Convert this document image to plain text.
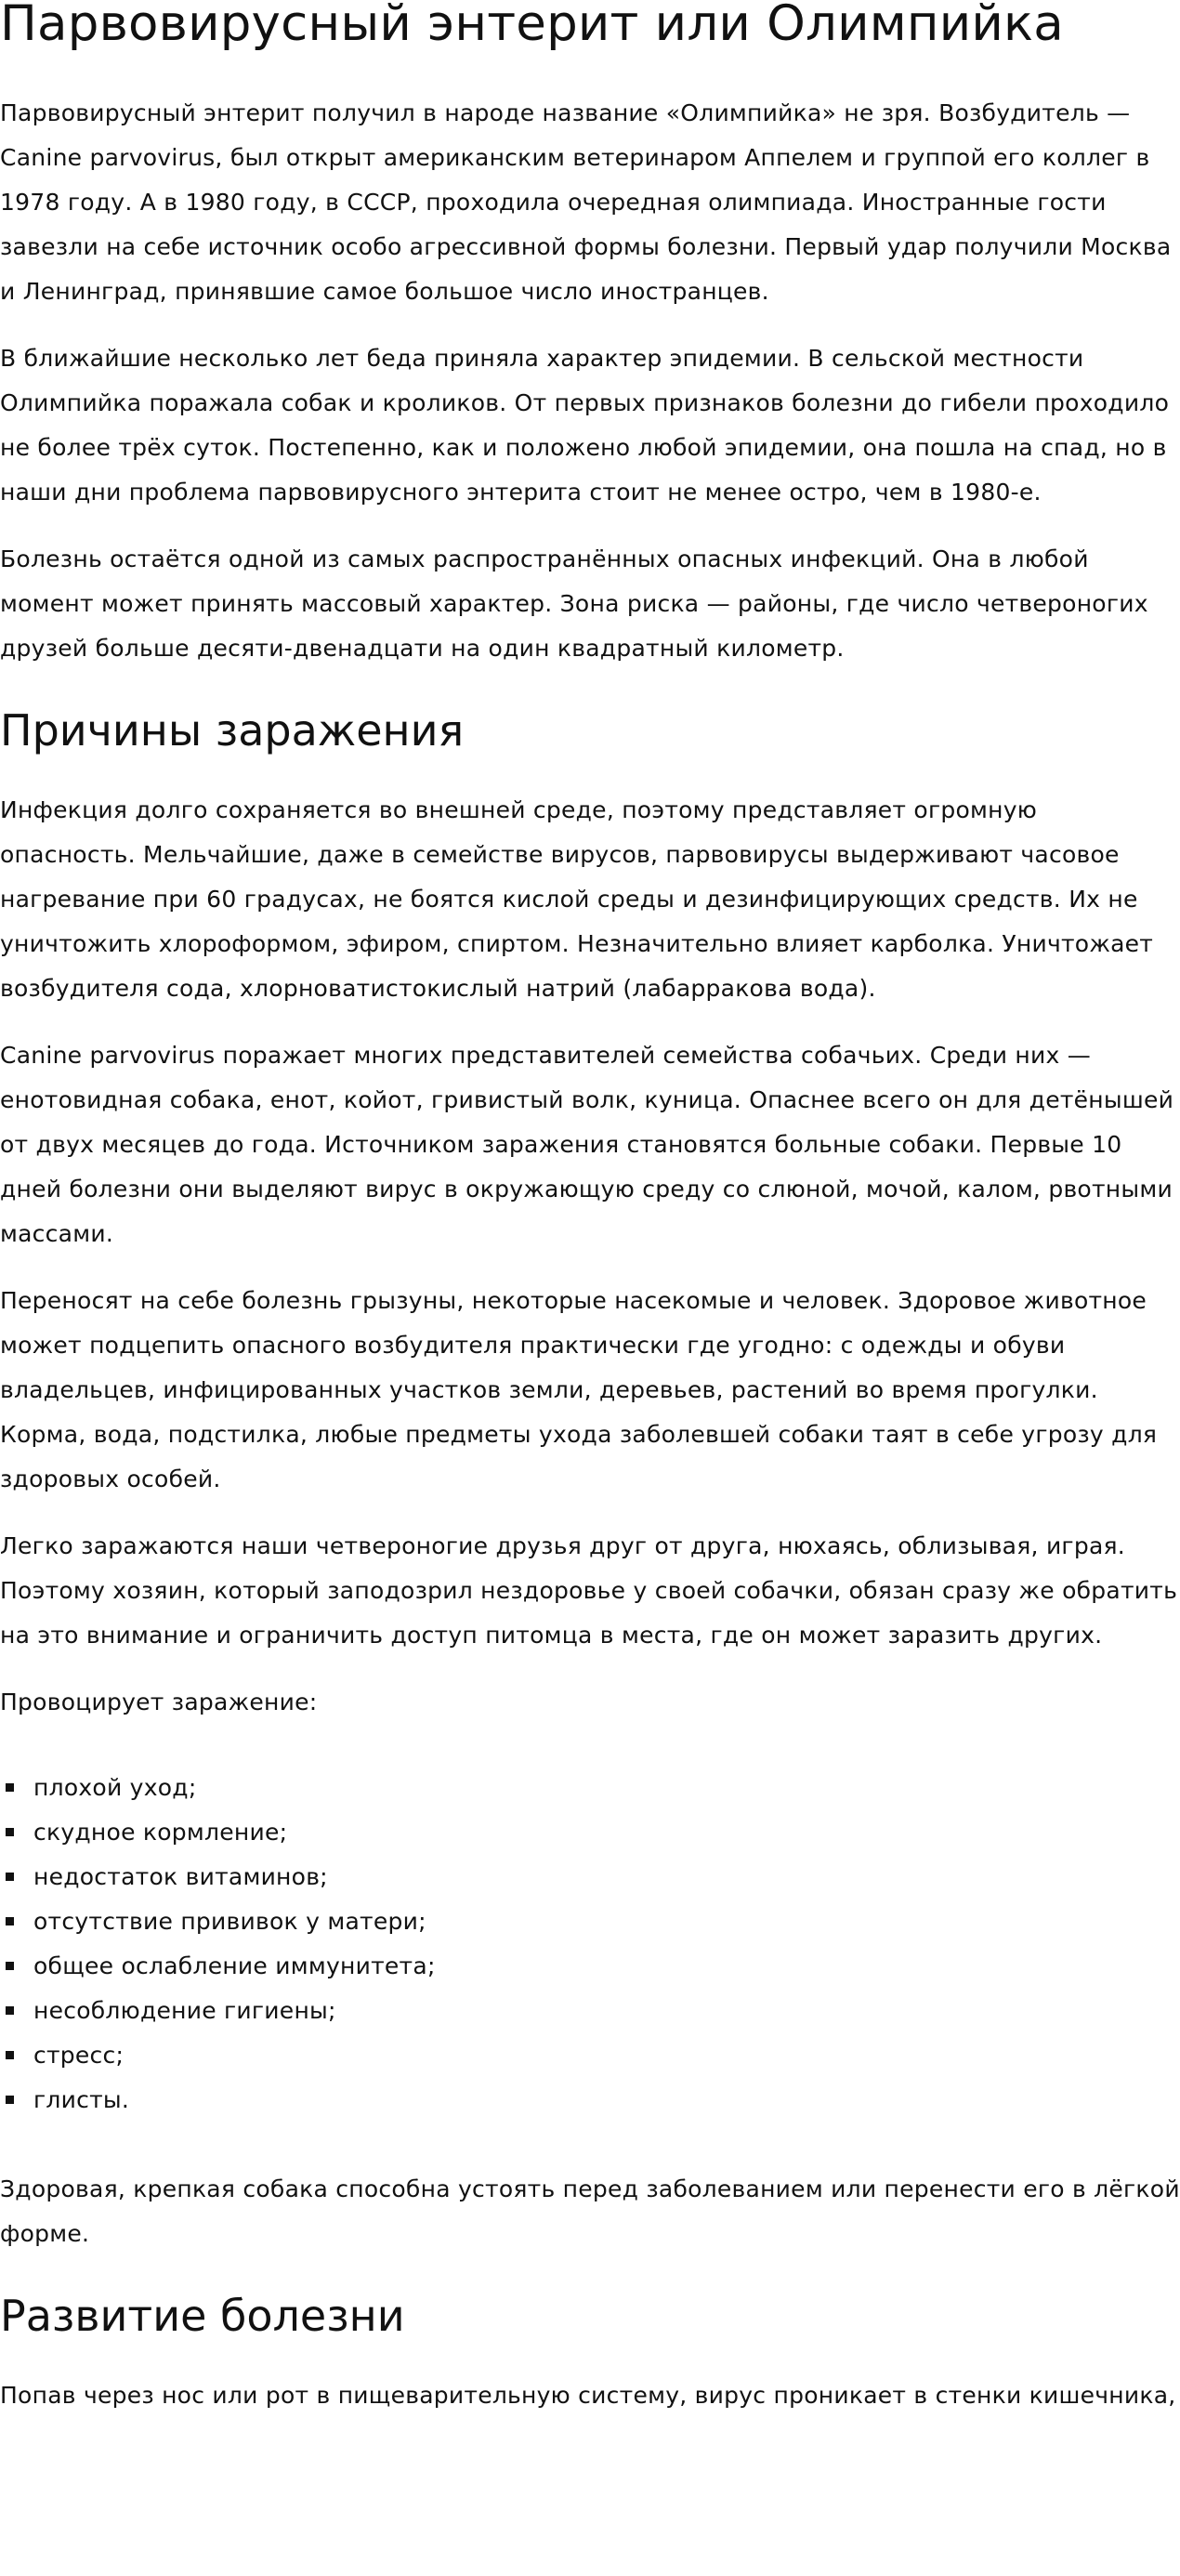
Парвовирусный энтерит или Олимпийка

Парвовирусный энтерит получил в народе название «Олимпийка» не зря. Возбудитель — Canine parvovirus, был открыт американским ветеринаром Аппелем и группой его коллег в 1978 году. А в 1980 году, в СССР, проходила очередная олимпиада. Иностранные гости завезли на себе источник особо агрессивной формы болезни. Первый удар получили Москва и Ленинград, принявшие самое большое число иностранцев.

В ближайшие несколько лет беда приняла характер эпидемии. В сельской местности Олимпийка поражала собак и кроликов. От первых признаков болезни до гибели проходило не более трёх суток. Постепенно, как и положено любой эпидемии, она пошла на спад, но в наши дни проблема парвовирусного энтерита стоит не менее остро, чем в 1980-е.

Болезнь остаётся одной из самых распространённых опасных инфекций. Она в любой момент может принять массовый характер. Зона риска — районы, где число четвероногих друзей больше десяти-двенадцати на один квадратный километр.

Причины заражения

Инфекция долго сохраняется во внешней среде, поэтому представляет огромную опасность. Мельчайшие, даже в семействе вирусов, парвовирусы выдерживают часовое нагревание при 60 градусах, не боятся кислой среды и дезинфицирующих средств. Их не уничтожить хлороформом, эфиром, спиртом. Незначительно влияет карболка. Уничтожает возбудителя сода, хлорноватистокислый натрий (лабарракова вода).

Canine parvovirus поражает многих представителей семейства собачьих. Среди них — енотовидная собака, енот, койот, гривистый волк, куница. Опаснее всего он для детёнышей от двух месяцев до года. Источником заражения становятся больные собаки. Первые 10 дней болезни они выделяют вирус в окружающую среду со слюной, мочой, калом, рвотными массами.

Переносят на себе болезнь грызуны, некоторые насекомые и человек. Здоровое животное может подцепить опасного возбудителя практически где угодно: с одежды и обуви владельцев, инфицированных участков земли, деревьев, растений во время прогулки. Корма, вода, подстилка, любые предметы ухода заболевшей собаки таят в себе угрозу для здоровых особей.

Легко заражаются наши четвероногие друзья друг от друга, нюхаясь, облизывая, играя. Поэтому хозяин, который заподозрил нездоровье у своей собачки, обязан сразу же обратить на это внимание и ограничить доступ питомца в места, где он может заразить других.

Провоцирует заражение:

плохой уход;
скудное кормление;
недостаток витаминов;
отсутствие прививок у матери;
общее ослабление иммунитета;
несоблюдение гигиены;
стресс;
глисты.

Здоровая, крепкая собака способна устоять перед заболеванием или перенести его в лёгкой форме.

Развитие болезни

Попав через нос или рот в пищеварительную систему, вирус проникает в стенки кишечника,
